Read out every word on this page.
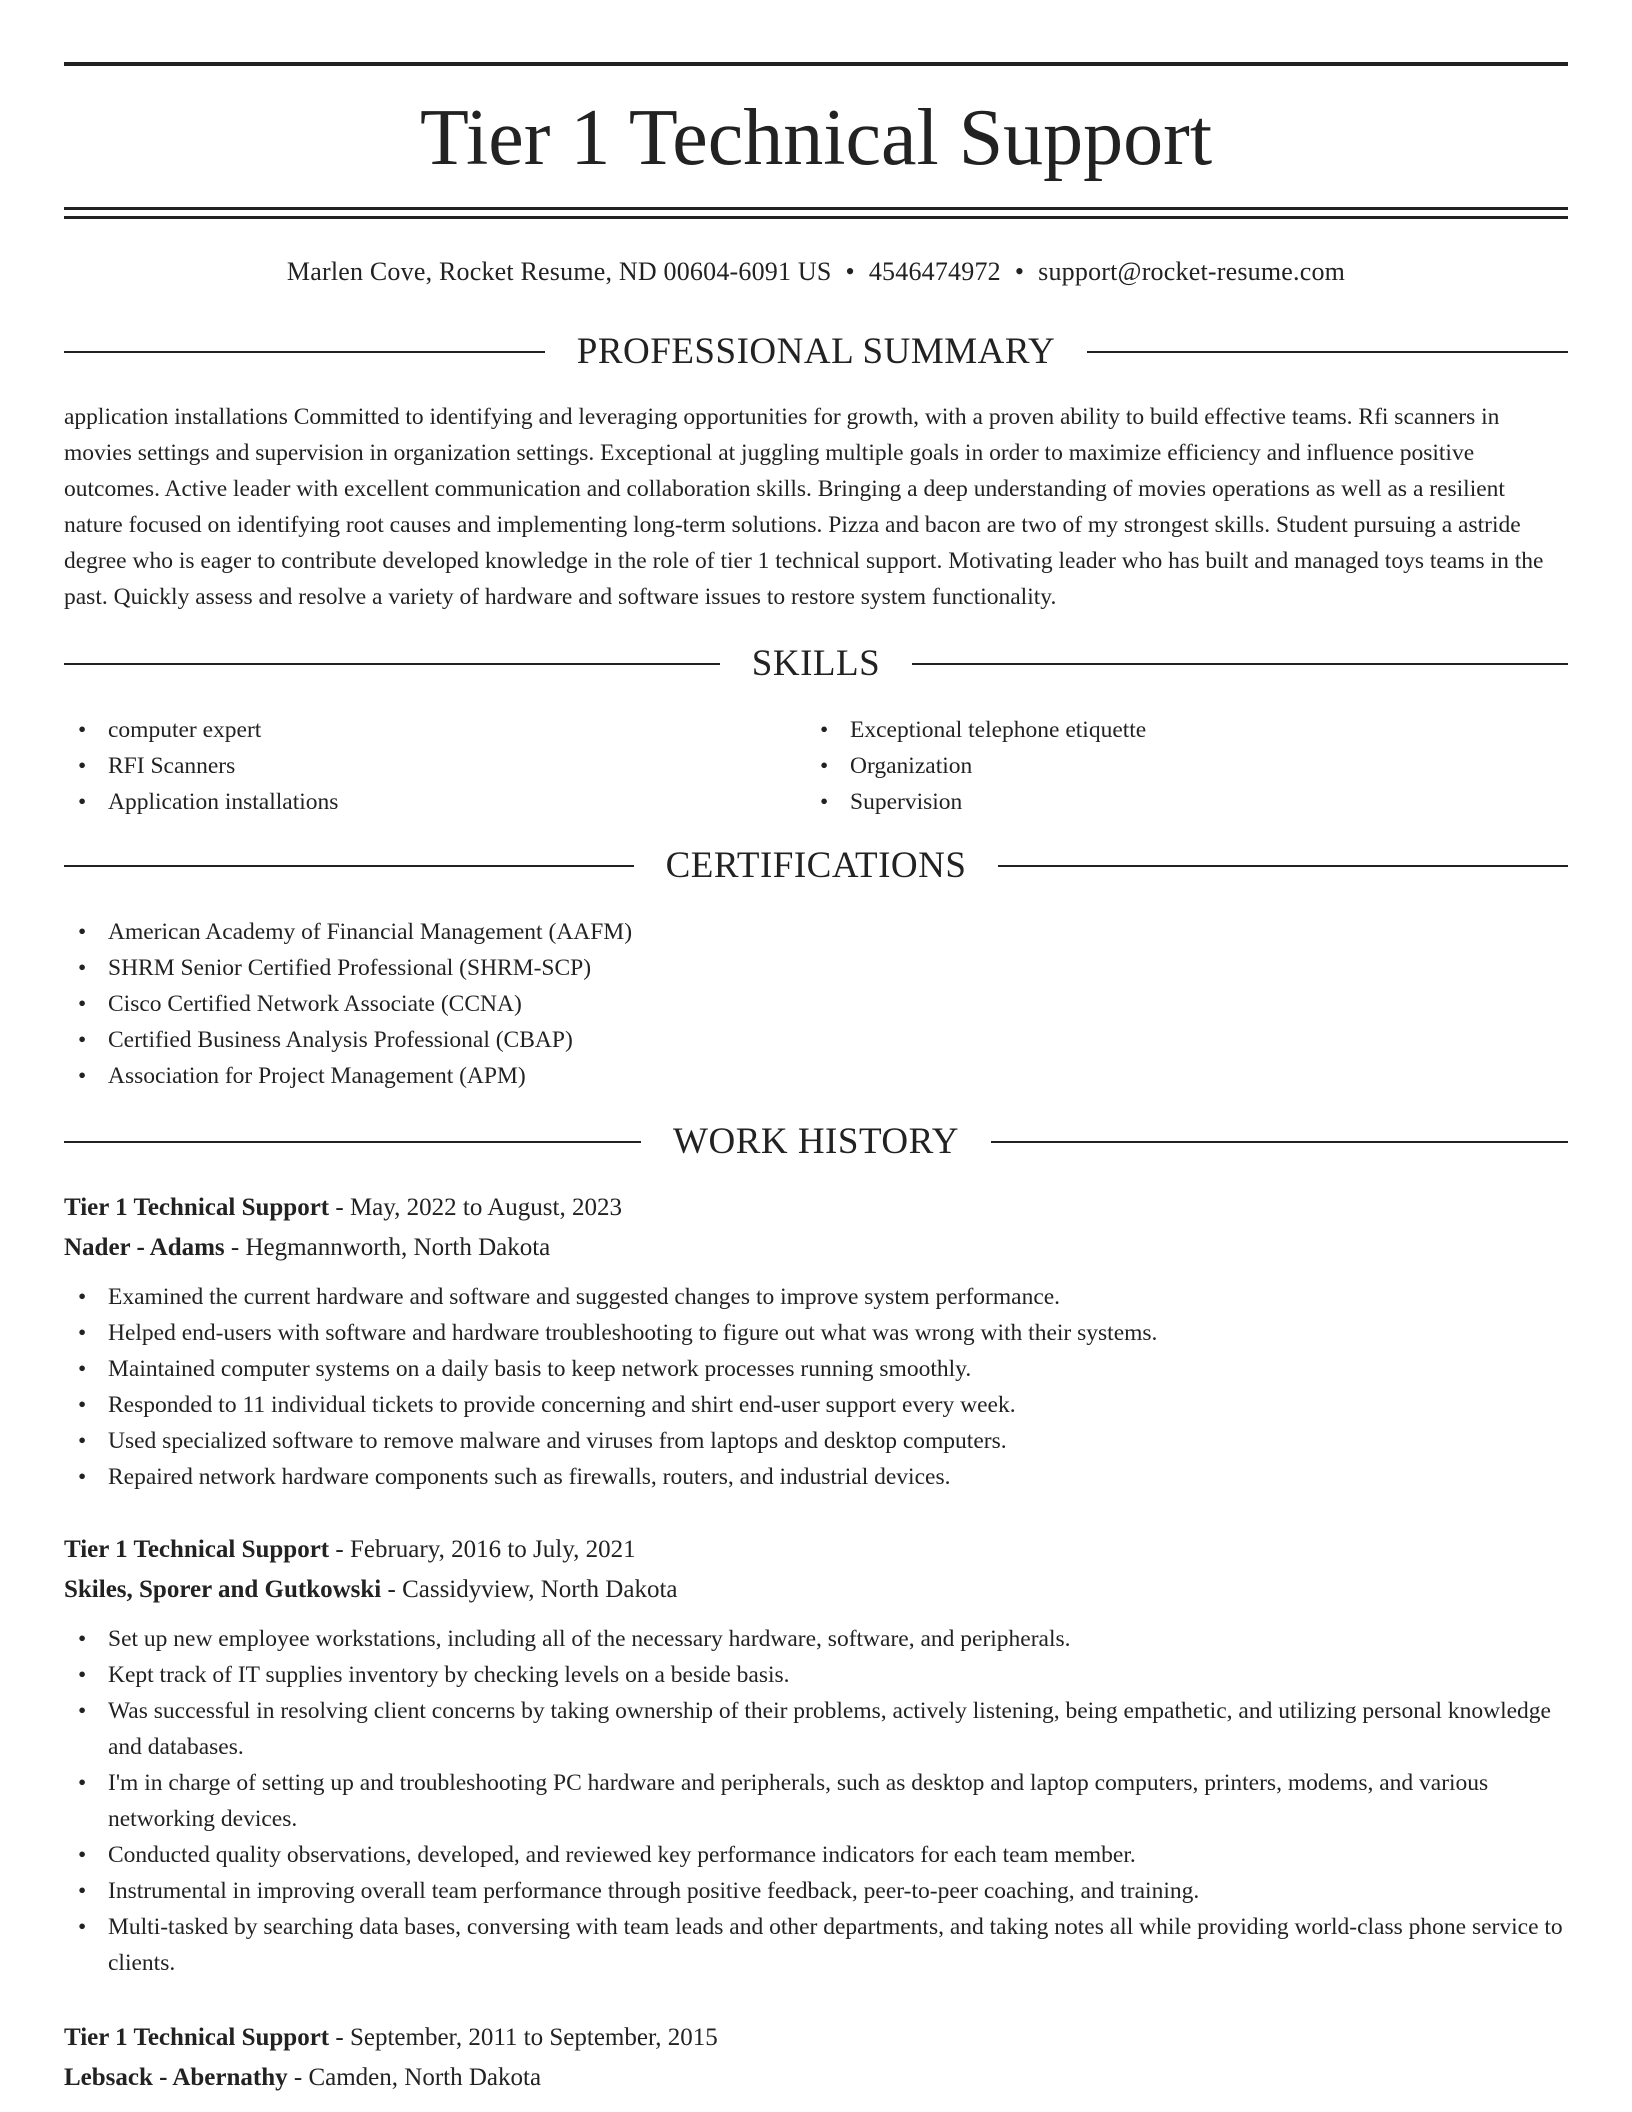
Tier 1 Technical Support
Marlen Cove, Rocket Resume, ND 00604-6091 US • 4546474972 • support@rocket-resume.com
PROFESSIONAL SUMMARY

application installations Committed to identifying and leveraging opportunities for growth, with a proven ability to build effective teams. Rfi scanners in movies settings and supervision in organization settings. Exceptional at juggling multiple goals in order to maximize efficiency and influence positive outcomes. Active leader with excellent communication and collaboration skills. Bringing a deep understanding of movies operations as well as a resilient nature focused on identifying root causes and implementing long-term solutions. Pizza and bacon are two of my strongest skills. Student pursuing a astride degree who is eager to contribute developed knowledge in the role of tier 1 technical support. Motivating leader who has built and managed toys teams in the past. Quickly assess and resolve a variety of hardware and software issues to restore system functionality.

SKILLS
• computer expert
• RFI Scanners
• Application installations
• Exceptional telephone etiquette
• Organization
• Supervision
CERTIFICATIONS
• American Academy of Financial Management (AAFM)
• SHRM Senior Certified Professional (SHRM-SCP)
• Cisco Certified Network Associate (CCNA)
• Certified Business Analysis Professional (CBAP)
• Association for Project Management (APM)
WORK HISTORY
Tier 1 Technical Support - May, 2022 to August, 2023
Nader - Adams - Hegmannworth, North Dakota
• Examined the current hardware and software and suggested changes to improve system performance.
• Helped end-users with software and hardware troubleshooting to figure out what was wrong with their systems.
• Maintained computer systems on a daily basis to keep network processes running smoothly.
• Responded to 11 individual tickets to provide concerning and shirt end-user support every week.
• Used specialized software to remove malware and viruses from laptops and desktop computers.
• Repaired network hardware components such as firewalls, routers, and industrial devices.
Tier 1 Technical Support - February, 2016 to July, 2021
Skiles, Sporer and Gutkowski - Cassidyview, North Dakota
• Set up new employee workstations, including all of the necessary hardware, software, and peripherals.
• Kept track of IT supplies inventory by checking levels on a beside basis.
• Was successful in resolving client concerns by taking ownership of their problems, actively listening, being empathetic, and utilizing personal knowledge and databases.
• I'm in charge of setting up and troubleshooting PC hardware and peripherals, such as desktop and laptop computers, printers, modems, and various networking devices.
• Conducted quality observations, developed, and reviewed key performance indicators for each team member.
• Instrumental in improving overall team performance through positive feedback, peer-to-peer coaching, and training.
• Multi-tasked by searching data bases, conversing with team leads and other departments, and taking notes all while providing world-class phone service to clients.
Tier 1 Technical Support - September, 2011 to September, 2015
Lebsack - Abernathy - Camden, North Dakota
